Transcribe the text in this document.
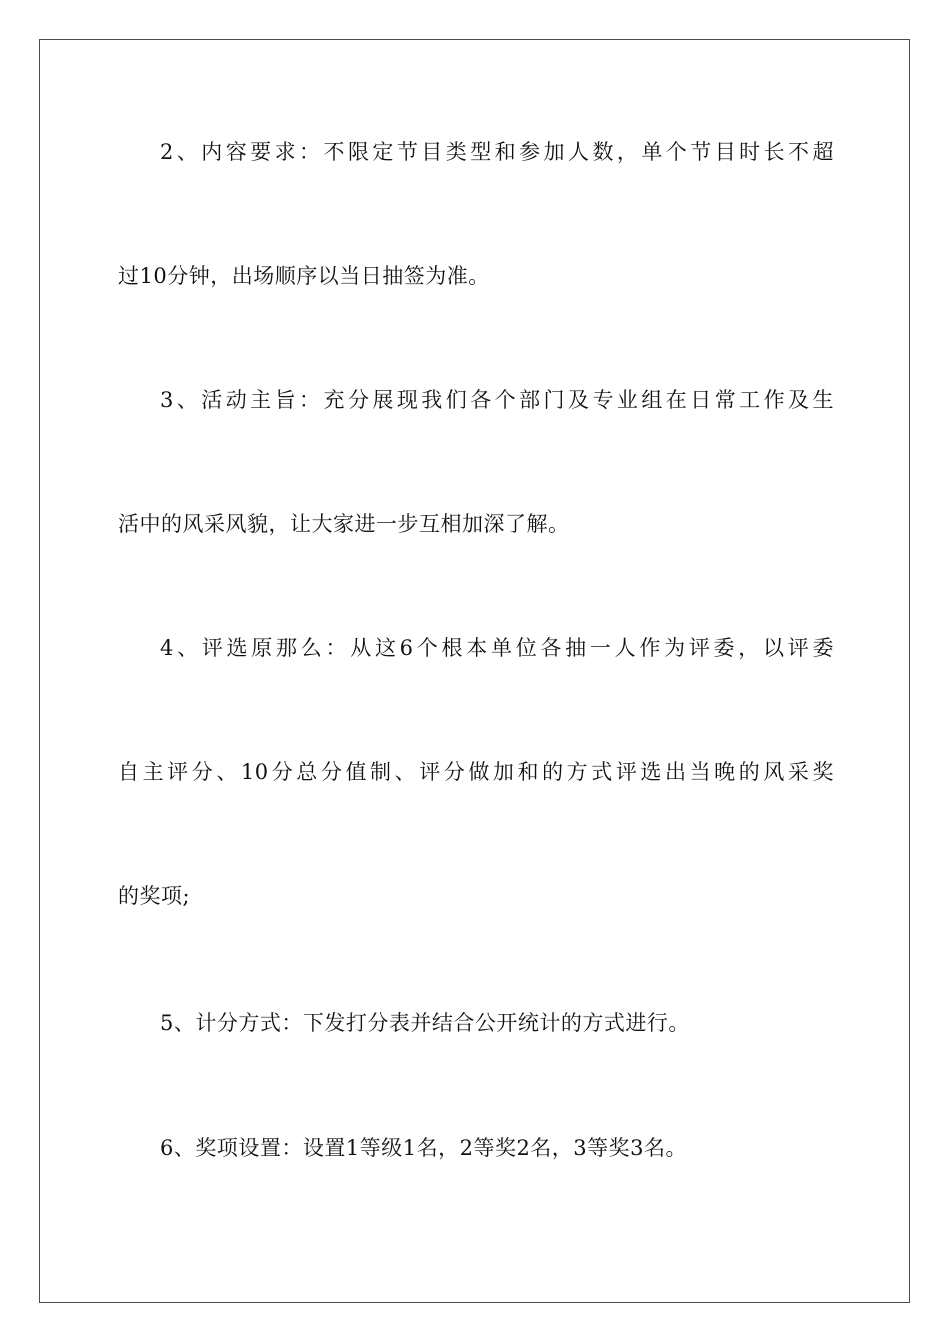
2、内容要求：不限定节目类型和参加人数，单个节目时长不超
过10分钟，出场顺序以当日抽签为准。
3、活动主旨：充分展现我们各个部门及专业组在日常工作及生
活中的风采风貌，让大家进一步互相加深了解。
4、评选原那么：从这6个根本单位各抽一人作为评委，以评委
自主评分、10分总分值制、评分做加和的方式评选出当晚的风采奖
的奖项;
5、计分方式：下发打分表并结合公开统计的方式进行。
6、奖项设置：设置1等级1名，2等奖2名，3等奖3名。
